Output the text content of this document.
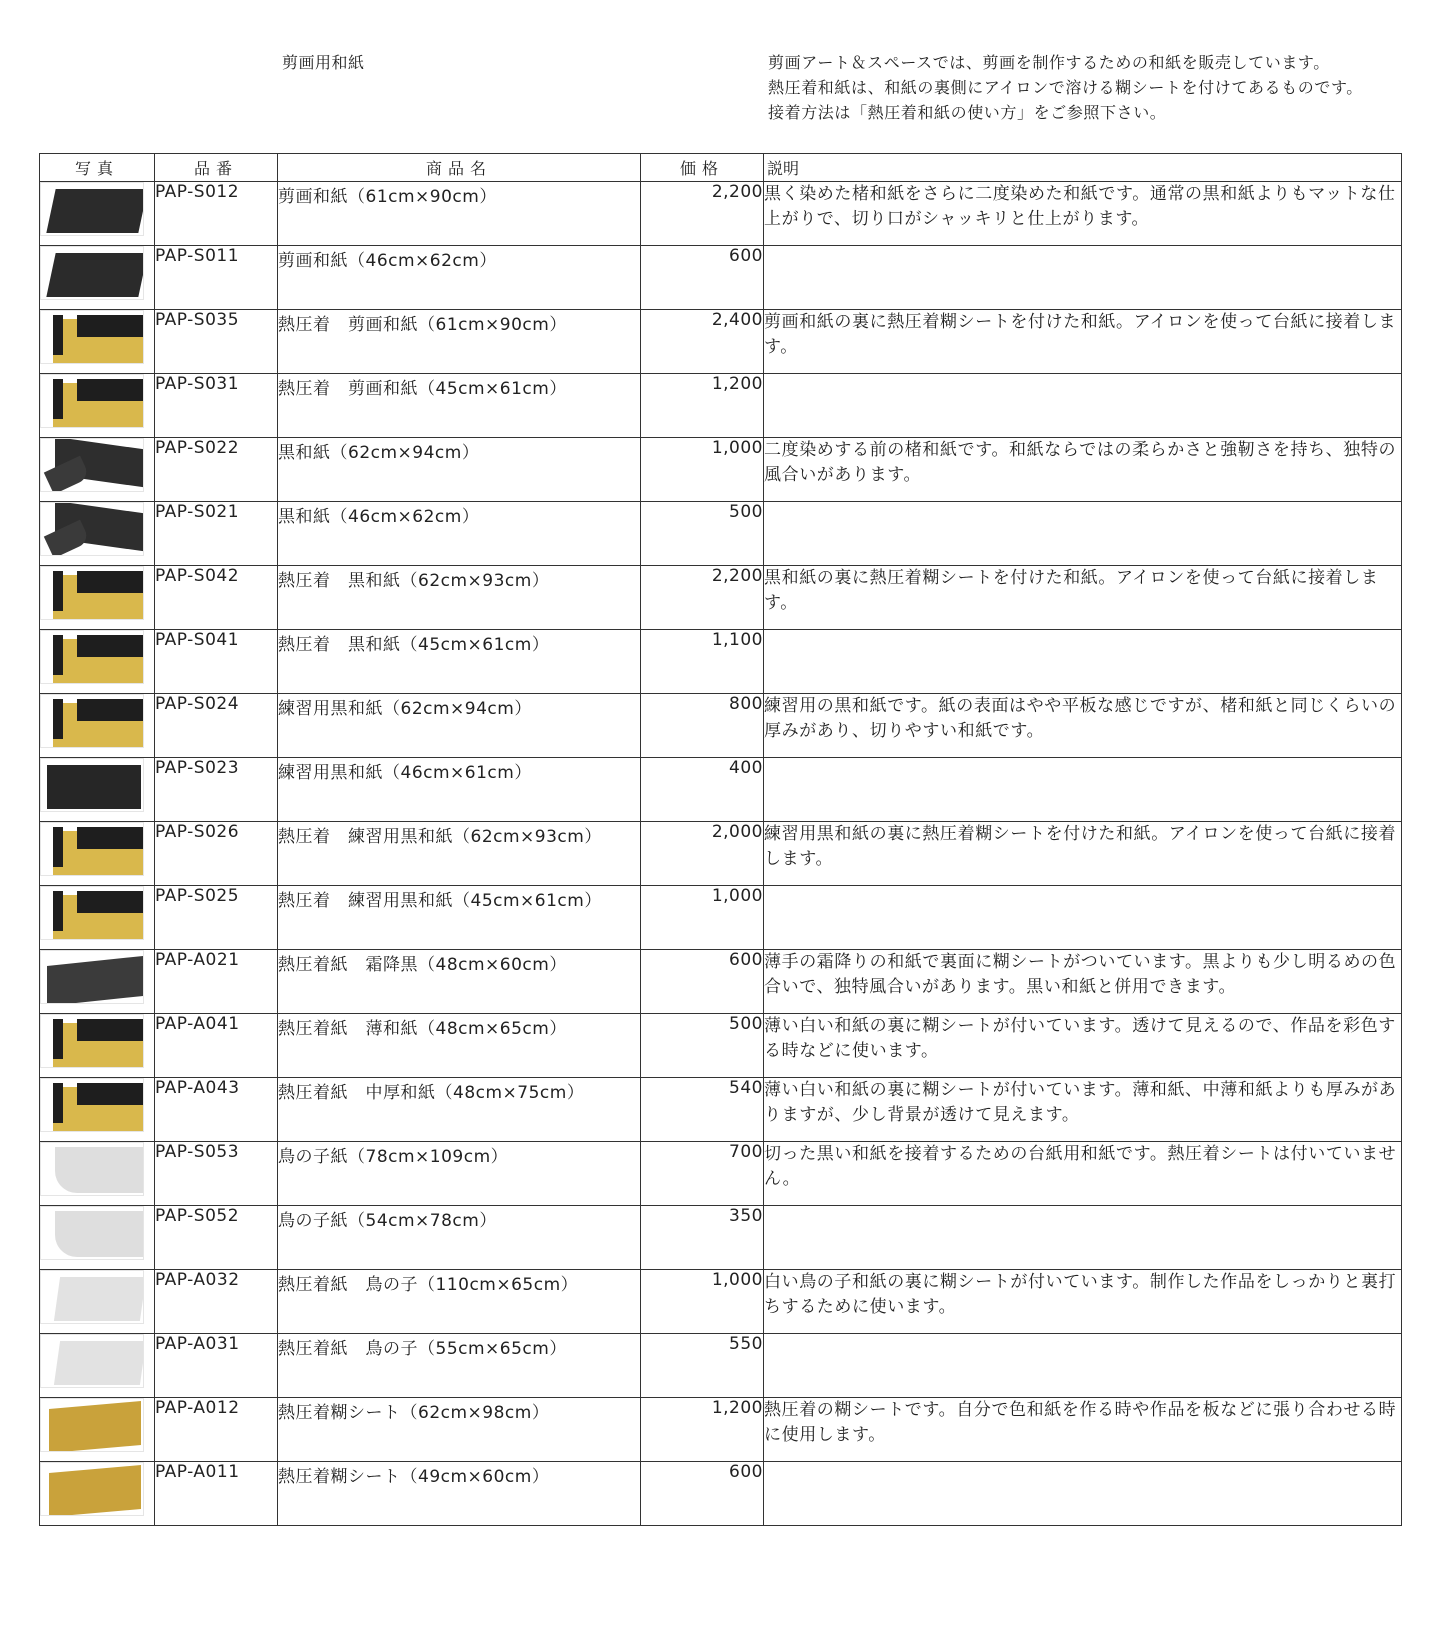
剪画用和紙	剪画アート＆スペースでは、剪画を制作するための和紙を販売しています。
熱圧着和紙は、和紙の裏側にアイロンで溶ける糊シートを付けてあるものです。
接着方法は「熱圧着和紙の使い方」をご参照下さい。
写真	品番	商品名	価格	説明

	PAP-S012	剪画和紙（61cm×90cm）	2,200	黒く染めた楮和紙をさらに二度染めた和紙です。通常の黒和紙よりもマットな仕上がりで、切り口がシャッキリと仕上がります。

	PAP-S011	剪画和紙（46cm×62cm）	600	

	PAP-S035	熱圧着　剪画和紙（61cm×90cm）	2,400	剪画和紙の裏に熱圧着糊シートを付けた和紙。アイロンを使って台紙に接着します。

	PAP-S031	熱圧着　剪画和紙（45cm×61cm）	1,200	

	PAP-S022	黒和紙（62cm×94cm）	1,000	二度染めする前の楮和紙です。和紙ならではの柔らかさと強靭さを持ち、独特の風合いがあります。

	PAP-S021	黒和紙（46cm×62cm）	500	

	PAP-S042	熱圧着　黒和紙（62cm×93cm）	2,200	黒和紙の裏に熱圧着糊シートを付けた和紙。アイロンを使って台紙に接着します。

	PAP-S041	熱圧着　黒和紙（45cm×61cm）	1,100	

	PAP-S024	練習用黒和紙（62cm×94cm）	800	練習用の黒和紙です。紙の表面はやや平板な感じですが、楮和紙と同じくらいの厚みがあり、切りやすい和紙です。

	PAP-S023	練習用黒和紙（46cm×61cm）	400	

	PAP-S026	熱圧着　練習用黒和紙（62cm×93cm）	2,000	練習用黒和紙の裏に熱圧着糊シートを付けた和紙。アイロンを使って台紙に接着します。

	PAP-S025	熱圧着　練習用黒和紙（45cm×61cm）	1,000	

	PAP-A021	熱圧着紙　霜降黒（48cm×60cm）	600	薄手の霜降りの和紙で裏面に糊シートがついています。黒よりも少し明るめの色合いで、独特風合いがあります。黒い和紙と併用できます。

	PAP-A041	熱圧着紙　薄和紙（48cm×65cm）	500	薄い白い和紙の裏に糊シートが付いています。透けて見えるので、作品を彩色する時などに使います。

	PAP-A043	熱圧着紙　中厚和紙（48cm×75cm）	540	薄い白い和紙の裏に糊シートが付いています。薄和紙、中薄和紙よりも厚みがありますが、少し背景が透けて見えます。

	PAP-S053	鳥の子紙（78cm×109cm）	700	切った黒い和紙を接着するための台紙用和紙です。熱圧着シートは付いていません。

	PAP-S052	鳥の子紙（54cm×78cm）	350	

	PAP-A032	熱圧着紙　鳥の子（110cm×65cm）	1,000	白い鳥の子和紙の裏に糊シートが付いています。制作した作品をしっかりと裏打ちするために使います。

	PAP-A031	熱圧着紙　鳥の子（55cm×65cm）	550	

	PAP-A012	熱圧着糊シート（62cm×98cm）	1,200	熱圧着の糊シートです。自分で色和紙を作る時や作品を板などに張り合わせる時に使用します。

	PAP-A011	熱圧着糊シート（49cm×60cm）	600	
